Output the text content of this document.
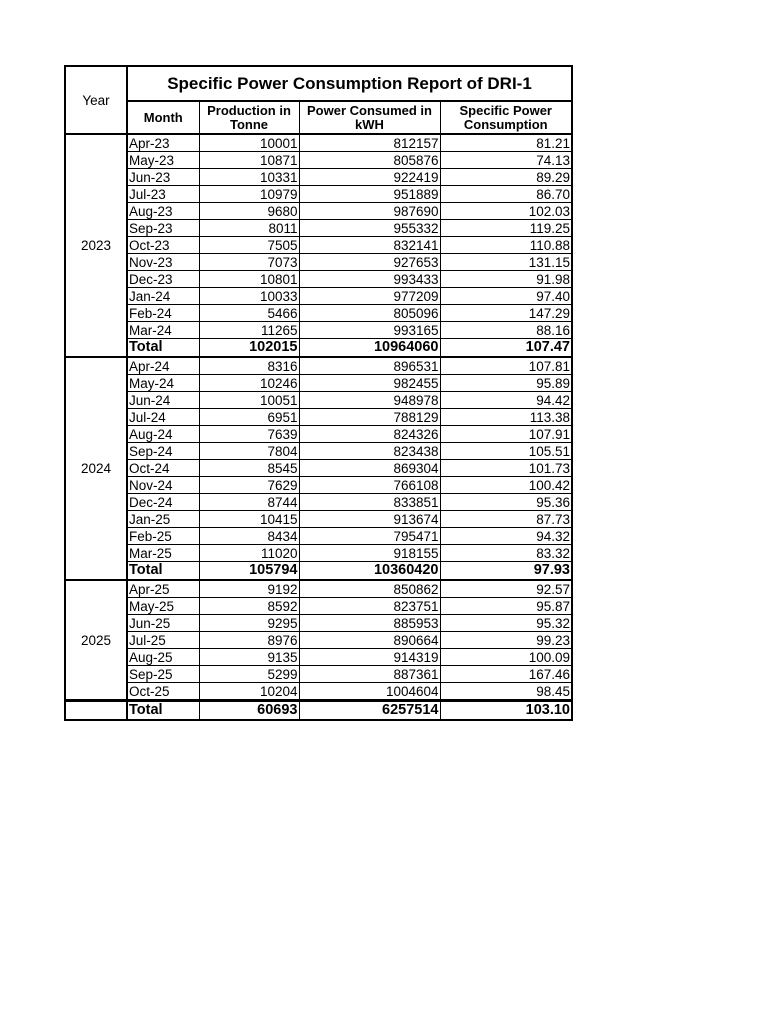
Year	Specific Power Consumption Report of DRI-1			
	Month	Production in Tonne	Power Consumed in kWH	Specific Power Consumption
2023	Apr-23	10001	812157	81.21
	May-23	10871	805876	74.13
	Jun-23	10331	922419	89.29
	Jul-23	10979	951889	86.70
	Aug-23	9680	987690	102.03
	Sep-23	8011	955332	119.25
	Oct-23	7505	832141	110.88
	Nov-23	7073	927653	131.15
	Dec-23	10801	993433	91.98
	Jan-24	10033	977209	97.40
	Feb-24	5466	805096	147.29
	Mar-24	11265	993165	88.16
	Total	102015	10964060	107.47
2024	Apr-24	8316	896531	107.81
	May-24	10246	982455	95.89
	Jun-24	10051	948978	94.42
	Jul-24	6951	788129	113.38
	Aug-24	7639	824326	107.91
	Sep-24	7804	823438	105.51
	Oct-24	8545	869304	101.73
	Nov-24	7629	766108	100.42
	Dec-24	8744	833851	95.36
	Jan-25	10415	913674	87.73
	Feb-25	8434	795471	94.32
	Mar-25	11020	918155	83.32
	Total	105794	10360420	97.93
2025	Apr-25	9192	850862	92.57
	May-25	8592	823751	95.87
	Jun-25	9295	885953	95.32
	Jul-25	8976	890664	99.23
	Aug-25	9135	914319	100.09
	Sep-25	5299	887361	167.46
	Oct-25	10204	1004604	98.45
	Total	60693	6257514	103.10
